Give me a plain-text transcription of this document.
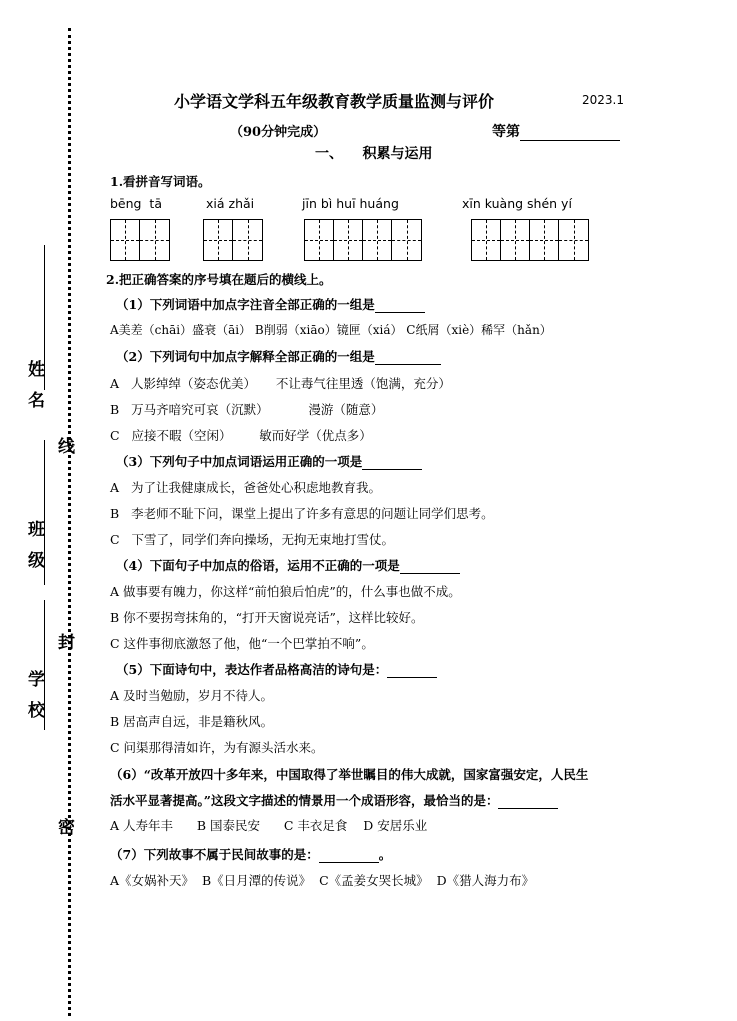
姓名
线
班级
封
学校
密
小学语文学科五年级教育教学质量监测与评价	2023.1
（90分钟完成）	等第
一、    积累与运用
1.看拼音写词语。
bēng  tā	xiá zhǎi	jīn bì huī huáng	xīn kuàng shén yí
2.把正确答案的序号填在题后的横线上。
（1）下列词语中加点字注音全部正确的一组是
A美差（chāi）盛衰（āi） B削弱（xiāo）镜匣（xiá） C纸屑（xiè）稀罕（hǎn）
（2）下列词句中加点字解释全部正确的一组是
A   人影绰绰（姿态优美）     不让毒气往里透（饱满，充分）
B   万马齐喑究可哀（沉默）          漫游（随意）
C   应接不暇（空闲）       敏而好学（优点多）
（3）下列句子中加点词语运用正确的一项是
A   为了让我健康成长，爸爸处心积虑地教育我。
B   李老师不耻下问，课堂上提出了许多有意思的问题让同学们思考。
C   下雪了，同学们奔向操场，无拘无束地打雪仗。
（4）下面句子中加点的俗语，运用不正确的一项是
A 做事要有魄力，你这样“前怕狼后怕虎”的，什么事也做不成。
B 你不要拐弯抹角的，“打开天窗说亮话”，这样比较好。
C 这件事彻底激怒了他，他“一个巴掌拍不响”。
（5）下面诗句中，表达作者品格高洁的诗句是：
A 及时当勉励，岁月不待人。
B 居高声自远，非是籍秋风。
C 问渠那得清如许，为有源头活水来。
（6）“改革开放四十多年来，中国取得了举世瞩目的伟大成就，国家富强安定，人民生
活水平显著提高。”这段文字描述的情景用一个成语形容，最恰当的是：
A 人寿年丰      B 国泰民安      C 丰衣足食    D 安居乐业
（7）下列故事不属于民间故事的是：	。
A《女娲补天》  B《日月潭的传说》  C《孟姜女哭长城》  D《猎人海力布》
